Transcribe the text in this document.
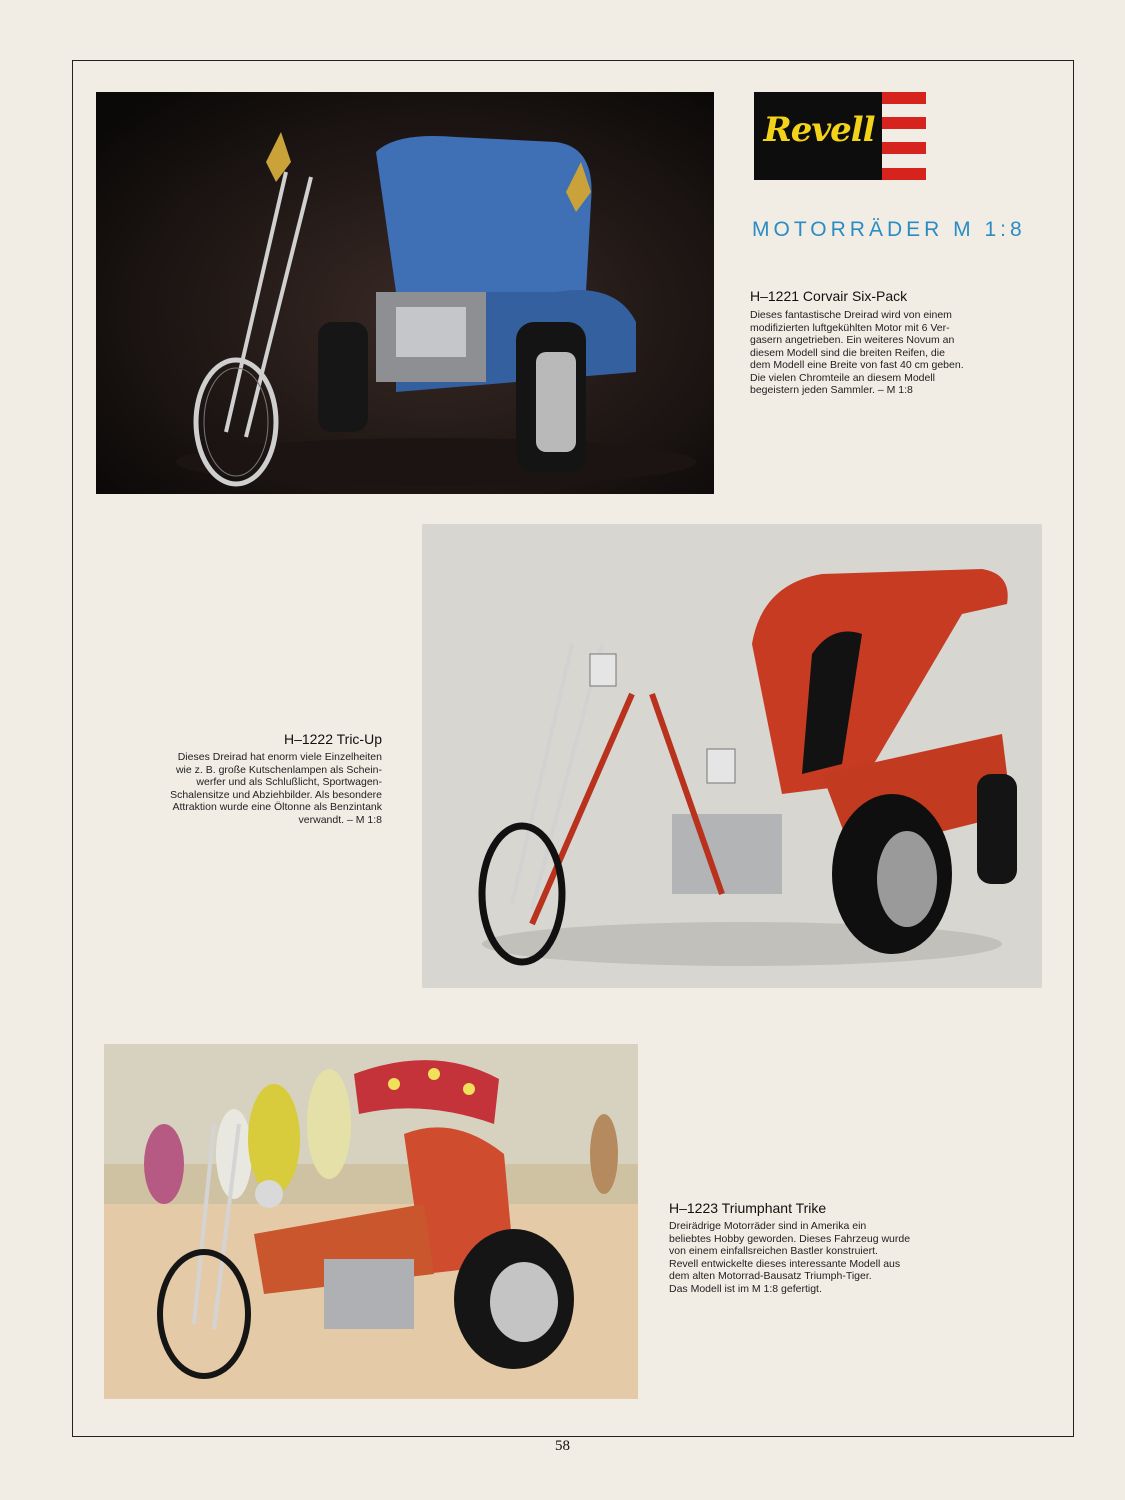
Revell
MOTORRÄDER M 1:8
H–1221 Corvair Six-Pack

Dieses fantastische Dreirad wird von einem
modifizierten luftgekühlten Motor mit 6 Ver-
gasern angetrieben. Ein weiteres Novum an
diesem Modell sind die breiten Reifen, die
dem Modell eine Breite von fast 40 cm geben.
Die vielen Chromteile an diesem Modell
begeistern jeden Sammler. – M 1:8

H–1222 Tric-Up

Dieses Dreirad hat enorm viele Einzelheiten
wie z. B. große Kutschenlampen als Schein-
werfer und als Schlußlicht, Sportwagen-
Schalensitze und Abziehbilder. Als besondere
Attraktion wurde eine Öltonne als Benzintank
verwandt. – M 1:8

H–1223 Triumphant Trike

Dreirädrige Motorräder sind in Amerika ein
beliebtes Hobby geworden. Dieses Fahrzeug wurde
von einem einfallsreichen Bastler konstruiert.
Revell entwickelte dieses interessante Modell aus
dem alten Motorrad-Bausatz Triumph-Tiger.
Das Modell ist im M 1:8 gefertigt.

58
